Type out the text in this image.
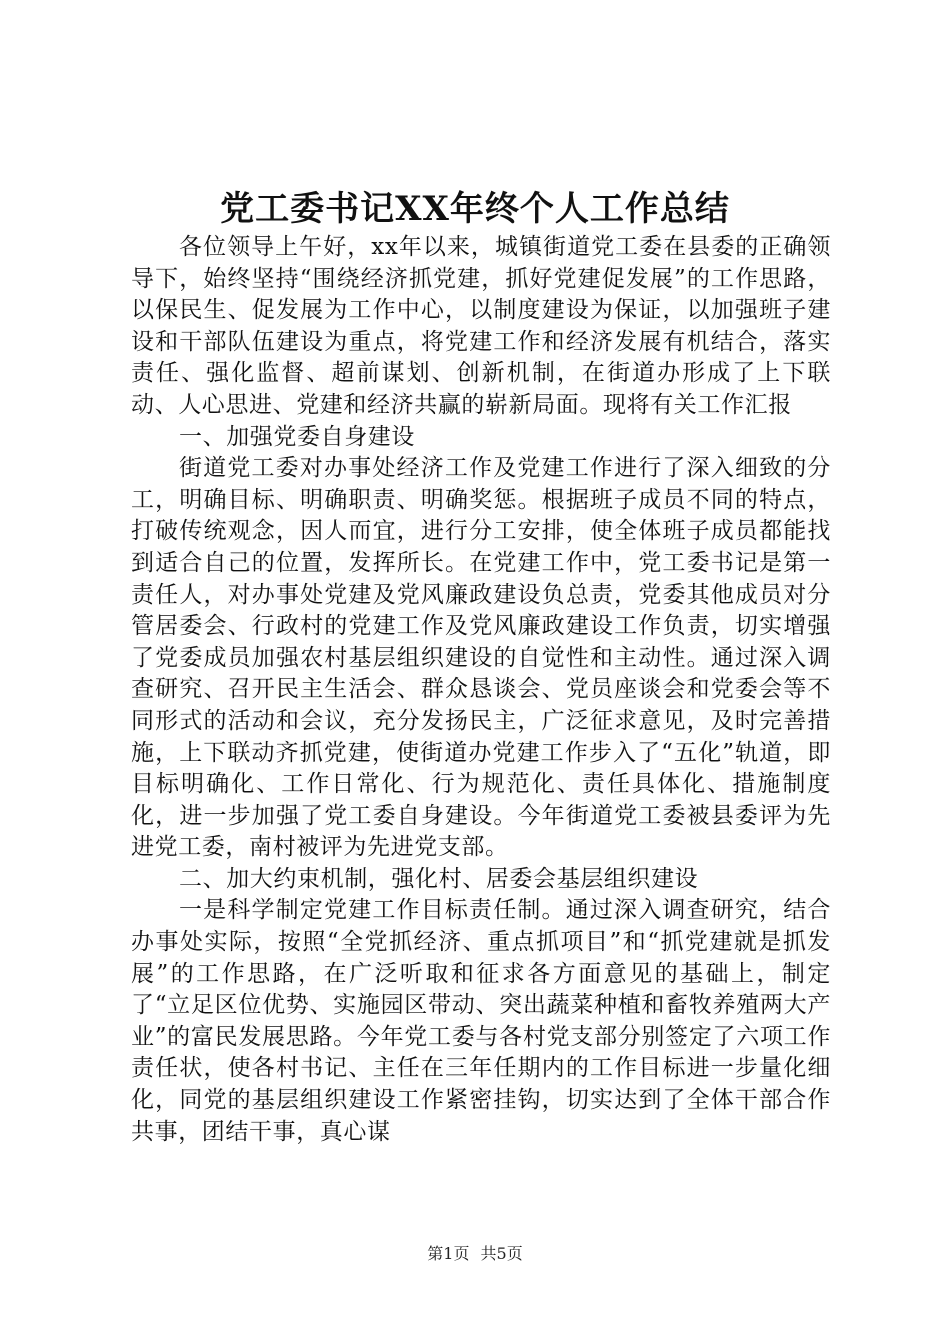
党工委书记XX年终个人工作总结

各位领导上午好，xx年以来，城镇街道党工委在县委的正确领导下，始终坚持“围绕经济抓党建，抓好党建促发展”的工作思路，以保民生、促发展为工作中心，以制度建设为保证，以加强班子建设和干部队伍建设为重点，将党建工作和经济发展有机结合，落实责任、强化监督、超前谋划、创新机制，在街道办形成了上下联动、人心思进、党建和经济共赢的崭新局面。现将有关工作汇报

一、加强党委自身建设

街道党工委对办事处经济工作及党建工作进行了深入细致的分工，明确目标、明确职责、明确奖惩。根据班子成员不同的特点，打破传统观念，因人而宜，进行分工安排，使全体班子成员都能找到适合自己的位置，发挥所长。在党建工作中，党工委书记是第一责任人，对办事处党建及党风廉政建设负总责，党委其他成员对分管居委会、行政村的党建工作及党风廉政建设工作负责，切实增强了党委成员加强农村基层组织建设的自觉性和主动性。通过深入调查研究、召开民主生活会、群众恳谈会、党员座谈会和党委会等不同形式的活动和会议，充分发扬民主，广泛征求意见，及时完善措施，上下联动齐抓党建，使街道办党建工作步入了“五化”轨道，即目标明确化、工作日常化、行为规范化、责任具体化、措施制度化，进一步加强了党工委自身建设。今年街道党工委被县委评为先进党工委，南村被评为先进党支部。

二、加大约束机制，强化村、居委会基层组织建设

一是科学制定党建工作目标责任制。通过深入调查研究，结合办事处实际，按照“全党抓经济、重点抓项目”和“抓党建就是抓发展”的工作思路，在广泛听取和征求各方面意见的基础上，制定了“立足区位优势、实施园区带动、突出蔬菜种植和畜牧养殖两大产业”的富民发展思路。今年党工委与各村党支部分别签定了六项工作责任状，使各村书记、主任在三年任期内的工作目标进一步量化细化，同党的基层组织建设工作紧密挂钩，切实达到了全体干部合作共事，团结干事，真心谋

第1页 共5页
